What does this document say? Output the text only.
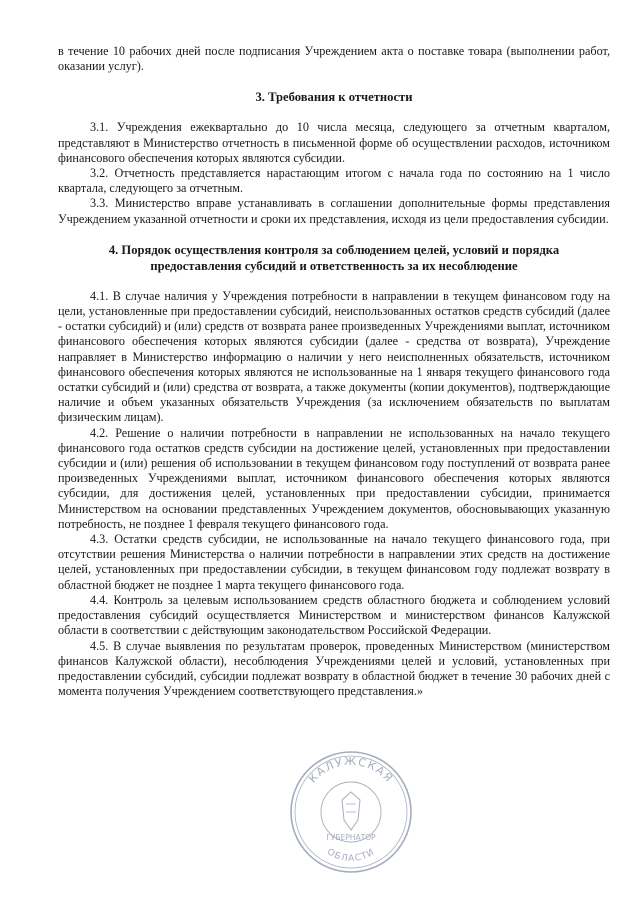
в течение 10 рабочих дней после подписания Учреждением акта о поставке товара (выполнении работ, оказании услуг).

3. Требования к отчетности

3.1. Учреждения ежеквартально до 10 числа месяца, следующего за отчетным кварталом, представляют в Министерство отчетность в письменной форме об осуществлении расходов, источником финансового обеспечения которых являются субсидии.

3.2. Отчетность представляется нарастающим итогом с начала года по состоянию на 1 число квартала, следующего за отчетным.

3.3. Министерство вправе устанавливать в соглашении дополнительные формы представления Учреждением указанной отчетности и сроки их представления, исходя из цели предоставления субсидии.

4. Порядок осуществления контроля за соблюдением целей, условий и порядка

предоставления субсидий и ответственность за их несоблюдение

4.1. В случае наличия у Учреждения потребности в направлении в текущем финансовом году на цели, установленные при предоставлении субсидий, неиспользованных остатков средств субсидий (далее - остатки субсидий) и (или) средств от возврата ранее произведенных Учреждениями выплат, источником финансового обеспечения которых являются субсидии (далее - средства от возврата), Учреждение направляет в Министерство информацию о наличии у него неисполненных обязательств, источником финансового обеспечения которых являются не использованные на 1 января текущего финансового года остатки субсидий и (или) средства от возврата, а также документы (копии документов), подтверждающие наличие и объем указанных обязательств Учреждения (за исключением обязательств по выплатам физическим лицам).

4.2. Решение о наличии потребности в направлении не использованных на начало текущего финансового года остатков средств субсидии на достижение целей, установленных при предоставлении субсидии и (или) решения об использовании в текущем финансовом году поступлений от возврата ранее произведенных Учреждениями выплат, источником финансового обеспечения которых являются субсидии, для достижения целей, установленных при предоставлении субсидии, принимается Министерством на основании представленных Учреждением документов, обосновывающих указанную потребность, не позднее 1 февраля текущего финансового года.

4.3. Остатки средств субсидии, не использованные на начало текущего финансового года, при отсутствии решения Министерства о наличии потребности в направлении этих средств на достижение целей, установленных при предоставлении субсидии, в текущем финансовом году подлежат возврату в областной бюджет не позднее 1 марта текущего финансового года.

4.4. Контроль за целевым использованием средств областного бюджета и соблюдением условий предоставления субсидий осуществляется Министерством и министерством финансов Калужской области в соответствии с действующим законодательством Российской Федерации.

4.5. В случае выявления по результатам проверок, проведенных Министерством (министерством финансов Калужской области), несоблюдения Учреждениями целей и условий, установленных при предоставлении субсидий, субсидии подлежат возврату в областной бюджет в течение 30 рабочих дней с момента получения Учреждением соответствующего представления.»

КАЛУЖСКАЯ
ГУБЕРНАТОР
ОБЛАСТИ
